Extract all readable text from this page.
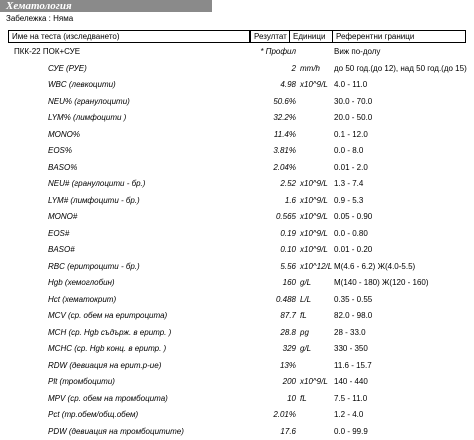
Хематология
Забележка : Няма
Име на теста (изследването)	Резултат Единици	Референтни граници
ПКК-22 ПОК+СУЕ	* Профил	Виж по-долу
СУЕ (РУЕ)	2 mm/h до 50 год.(до 12), над 50 год.(до 15)
WBC (левкоцити)	4.98 x10^9/L 4.0 - 11.0
NEU% (гранулоцити)	50.6%	30.0 - 70.0
LYM% (лимфоцити )	32.2%	20.0 - 50.0
MONO%	11.4%	0.1 - 12.0
EOS%	3.81%	0.0 - 8.0
BASO%	2.04%	0.01 - 2.0
NEU# (гранулоцити - бр.)	2.52 x10^9/L 1.3 - 7.4
LYM# (лимфоцити - бр.)	1.6 x10^9/L 0.9 - 5.3
MONO#	0.565 x10^9/L 0.05 - 0.90
EOS#	0.19 x10^9/L 0.0 - 0.80
BASO#	0.10 x10^9/L 0.01 - 0.20
RBC (еритроцити - бр.)	5.56 x10^12/L M(4.6 - 6.2) Ж(4.0-5.5)
Hgb (хемоглобин)	160 g/L	M(140 - 180) Ж(120 - 160)
Hct (хематокрит)	0.488 L/L	0.35 - 0.55
MCV (ср. обем на еритроцита)	87.7 fL	82.0 - 98.0
MCH (ср. Hgb съдърж. в еритр. )	28.8 pg	28 - 33.0
MCHC (ср. Hgb конц. в еритр. )	329 g/L	330 - 350
RDW (девиация на ерит.р-ие)	13%	11.6 - 15.7
Plt (тромбоцити)	200 x10^9/L 140 - 440
MPV (ср. обем на тромбоцита)	10 fL	7.5 - 11.0
Pct (тр.обем/общ.обем)	2.01%	1.2 - 4.0
PDW (девиация на тромбоцитите)	17.6	0.0 - 99.9
